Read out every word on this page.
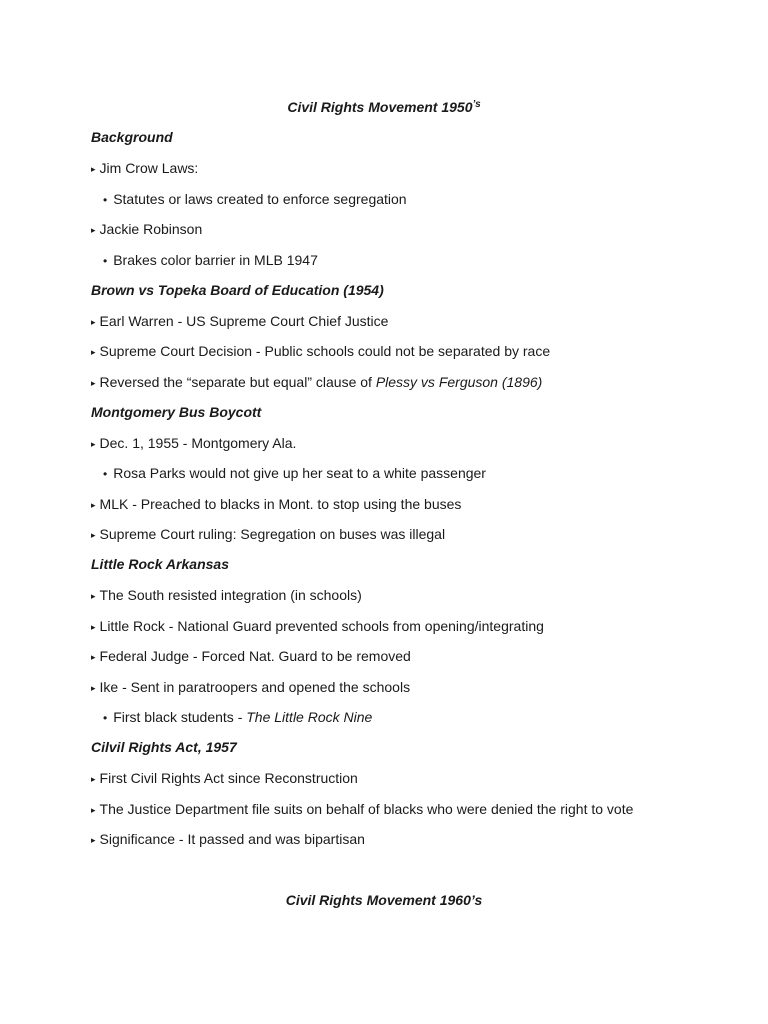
Civil Rights Movement $1950^{’s}$
Background
▸ Jim Crow Laws:
• Statutes or laws created to enforce segregation
▸ Jackie Robinson
• Brakes color barrier in MLB 1947
Brown vs Topeka Board of Education (1954)
▸ Earl Warren - US Supreme Court Chief Justice
▸ Supreme Court Decision - Public schools could not be separated by race
▸ Reversed the “separate but equal” clause of Plessy vs Ferguson (1896)
Montgomery Bus Boycott
▸ Dec. 1, 1955 - Montgomery Ala.
• Rosa Parks would not give up her seat to a white passenger
▸ MLK - Preached to blacks in Mont. to stop using the buses
▸ Supreme Court ruling: Segregation on buses was illegal
Little Rock Arkansas
▸ The South resisted integration (in schools)
▸ Little Rock - National Guard prevented schools from opening/integrating
▸ Federal Judge - Forced Nat. Guard to be removed
▸ Ike - Sent in paratroopers and opened the schools
• First black students - The Little Rock Nine
Cilvil Rights Act, 1957
▸ First Civil Rights Act since Reconstruction
▸ The Justice Department file suits on behalf of blacks who were denied the right to vote
▸ Significance - It passed and was bipartisan
Civil Rights Movement 1960’s
